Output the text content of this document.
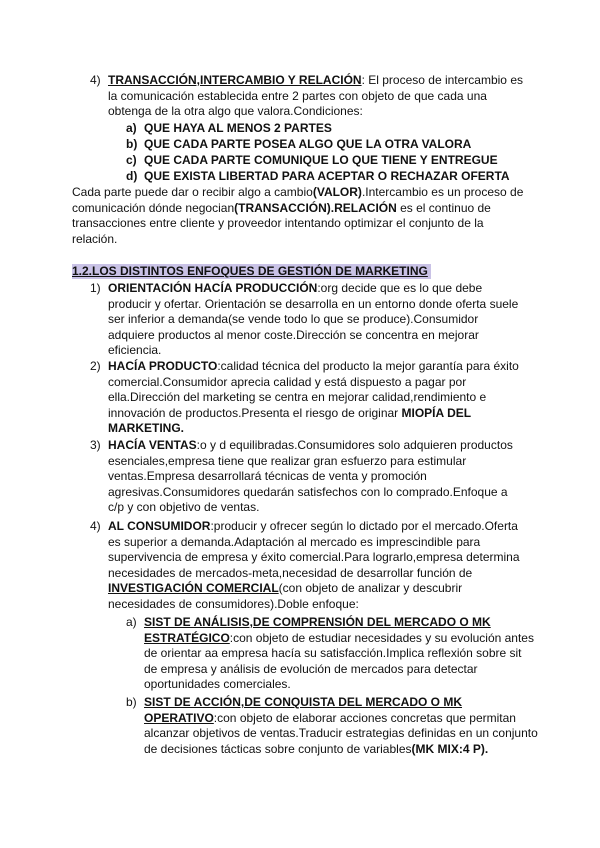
4) TRANSACCIÓN,INTERCAMBIO Y RELACIÓN: El proceso de intercambio es la comunicación establecida entre 2 partes con objeto de que cada una obtenga de la otra algo que valora.Condiciones:

a) QUE HAYA AL MENOS 2 PARTES
b) QUE CADA PARTE POSEA ALGO QUE LA OTRA VALORA
c) QUE CADA PARTE COMUNIQUE LO QUE TIENE Y ENTREGUE
d) QUE EXISTA LIBERTAD PARA ACEPTAR O RECHAZAR OFERTA

Cada parte puede dar o recibir algo a cambio(VALOR).Intercambio es un proceso de comunicación dónde negocian(TRANSACCIÓN).RELACIÓN es el continuo de transacciones entre cliente y proveedor intentando optimizar el conjunto de la relación.

1.2.LOS DISTINTOS ENFOQUES DE GESTIÓN DE MARKETING
1) ORIENTACIÓN HACÍA PRODUCCIÓN:org decide que es lo que debe producir y ofertar. Orientación se desarrolla en un entorno donde oferta suele ser inferior a demanda(se vende todo lo que se produce).Consumidor adquiere productos al menor coste.Dirección se concentra en mejorar eficiencia.

2) HACÍA PRODUCTO:calidad técnica del producto la mejor garantía para éxito comercial.Consumidor aprecia calidad y está dispuesto a pagar por ella.Dirección del marketing se centra en mejorar calidad,rendimiento e innovación de productos.Presenta el riesgo de originar MIOPÍA DEL MARKETING.

3) HACÍA VENTAS:o y d equilibradas.Consumidores solo adquieren productos esenciales,empresa tiene que realizar gran esfuerzo para estimular ventas.Empresa desarrollará técnicas de venta y promoción agresivas.Consumidores quedarán satisfechos con lo comprado.Enfoque a c/p y con objetivo de ventas.

4) AL CONSUMIDOR:producir y ofrecer según lo dictado por el mercado.Oferta es superior a demanda.Adaptación al mercado es imprescindible para supervivencia de empresa y éxito comercial.Para lograrlo,empresa determina necesidades de mercados-meta,necesidad de desarrollar función de INVESTIGACIÓN COMERCIAL(con objeto de analizar y descubrir necesidades de consumidores).Doble enfoque:

a) SIST DE ANÁLISIS,DE COMPRENSIÓN DEL MERCADO O MK ESTRATÉGICO:con objeto de estudiar necesidades y su evolución antes de orientar aa empresa hacía su satisfacción.Implica reflexión sobre sit de empresa y análisis de evolución de mercados para detectar oportunidades comerciales.

b) SIST DE ACCIÓN,DE CONQUISTA DEL MERCADO O MK OPERATIVO:con objeto de elaborar acciones concretas que permitan alcanzar objetivos de ventas.Traducir estrategias definidas en un conjunto de decisiones tácticas sobre conjunto de variables(MK MIX:4 P).
